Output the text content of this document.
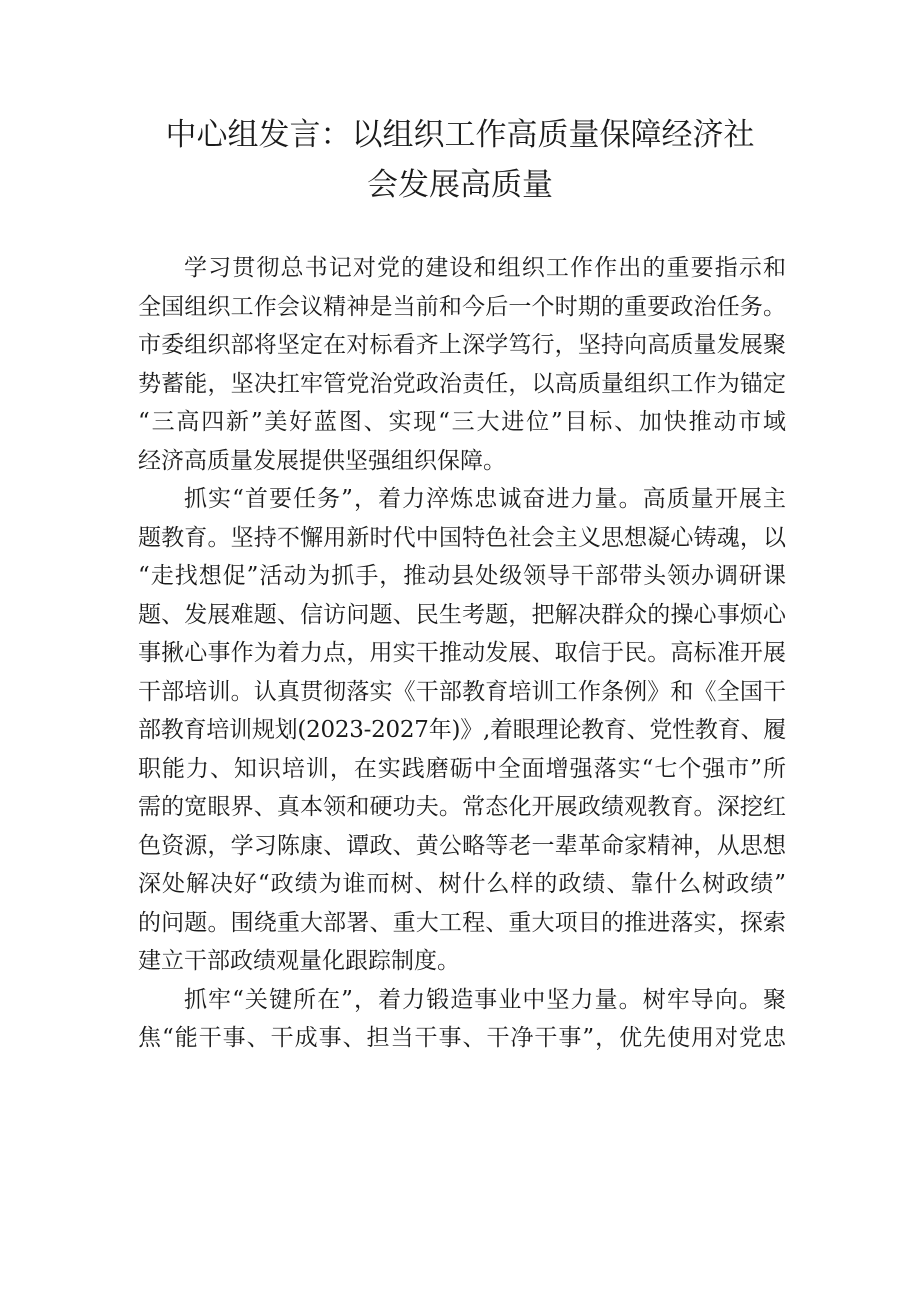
中心组发言：以组织工作高质量保障经济社
会发展高质量

学习贯彻总书记对党的建设和组织工作作出的重要指示和
全国组织工作会议精神是当前和今后一个时期的重要政治任务。
市委组织部将坚定在对标看齐上深学笃行，坚持向高质量发展聚
势蓄能，坚决扛牢管党治党政治责任，以高质量组织工作为锚定
“三高四新”美好蓝图、实现“三大进位”目标、加快推动市域
经济高质量发展提供坚强组织保障。

抓实“首要任务”，着力淬炼忠诚奋进力量。高质量开展主
题教育。坚持不懈用新时代中国特色社会主义思想凝心铸魂，以
“走找想促”活动为抓手，推动县处级领导干部带头领办调研课
题、发展难题、信访问题、民生考题，把解决群众的操心事烦心
事揪心事作为着力点，用实干推动发展、取信于民。高标准开展
干部培训。认真贯彻落实《干部教育培训工作条例》和《全国干
部教育培训规划(2023-2027年)》,着眼理论教育、党性教育、履
职能力、知识培训，在实践磨砺中全面增强落实“七个强市”所
需的宽眼界、真本领和硬功夫。常态化开展政绩观教育。深挖红
色资源，学习陈康、谭政、黄公略等老一辈革命家精神，从思想
深处解决好“政绩为谁而树、树什么样的政绩、靠什么树政绩”
的问题。围绕重大部署、重大工程、重大项目的推进落实，探索
建立干部政绩观量化跟踪制度。

抓牢“关键所在”，着力锻造事业中坚力量。树牢导向。聚
焦“能干事、干成事、担当干事、干净干事”，优先使用对党忠
